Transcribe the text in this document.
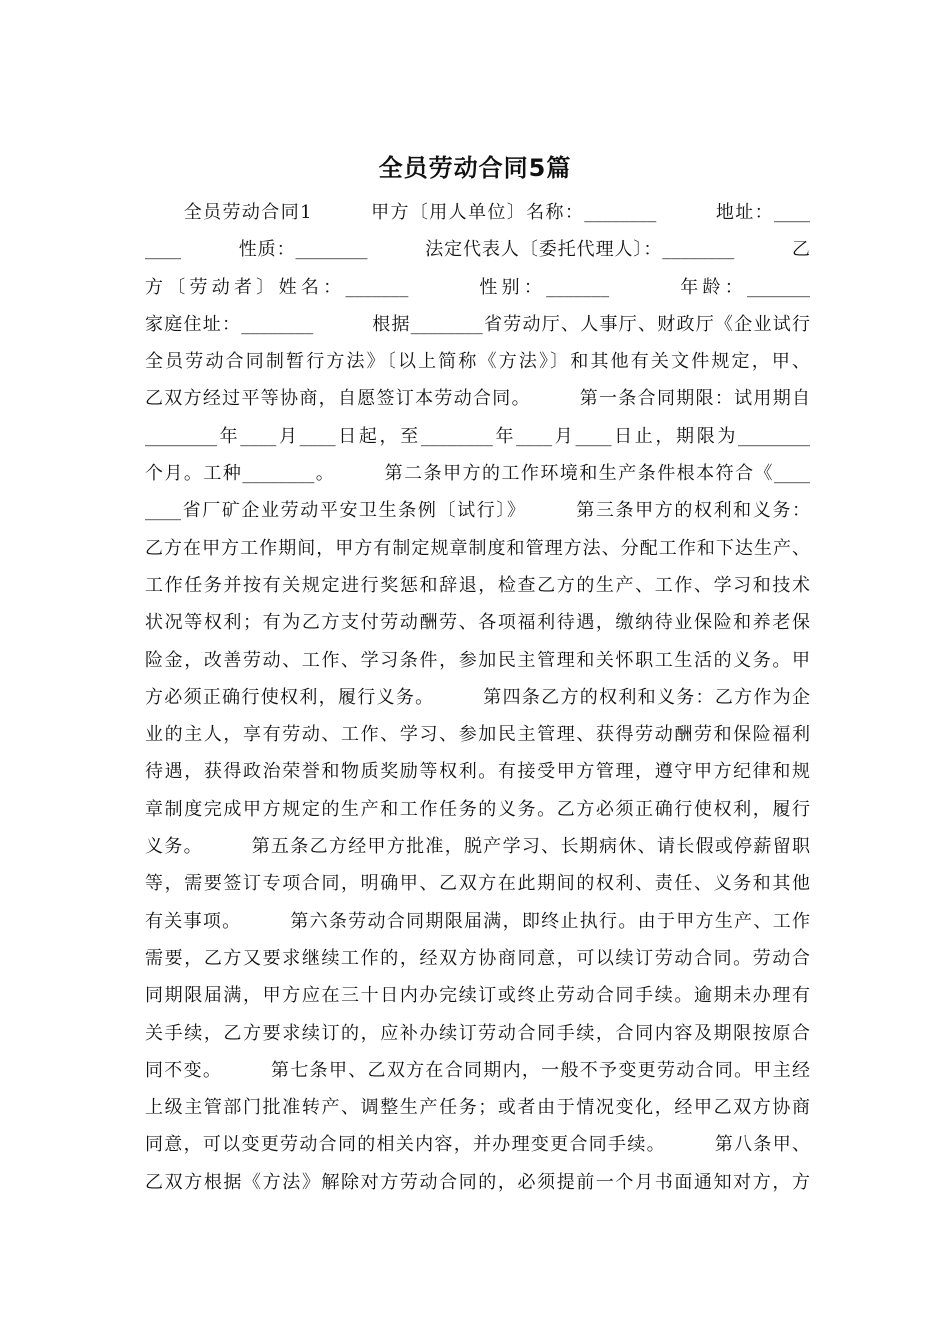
全员劳动合同5篇
　　全员劳动合同1　　　甲方〔用人单位〕名称：________　　　地址：____
____　　　性质：________　　　法定代表人〔委托代理人〕：________　　　乙
方〔劳动者〕姓名：_______　　　性别：_______　　　年龄：_______
家庭住址：________　　　根据________省劳动厅、人事厅、财政厅《企业试行
全员劳动合同制暂行方法》〔以上简称《方法》〕和其他有关文件规定，甲、
乙双方经过平等协商，自愿签订本劳动合同。　　　第一条合同期限：试用期自
________年____月____日起，至________年____月____日止，期限为________
个月。工种________。　　　第二条甲方的工作环境和生产条件根本符合《____
____省厂矿企业劳动平安卫生条例〔试行〕》　　　第三条甲方的权利和义务：
乙方在甲方工作期间，甲方有制定规章制度和管理方法、分配工作和下达生产、
工作任务并按有关规定进行奖惩和辞退，检查乙方的生产、工作、学习和技术
状况等权利；有为乙方支付劳动酬劳、各项福利待遇，缴纳待业保险和养老保
险金，改善劳动、工作、学习条件，参加民主管理和关怀职工生活的义务。甲
方必须正确行使权利，履行义务。　　　第四条乙方的权利和义务：乙方作为企
业的主人，享有劳动、工作、学习、参加民主管理、获得劳动酬劳和保险福利
待遇，获得政治荣誉和物质奖励等权利。有接受甲方管理，遵守甲方纪律和规
章制度完成甲方规定的生产和工作任务的义务。乙方必须正确行使权利，履行
义务。　　　第五条乙方经甲方批准，脱产学习、长期病休、请长假或停薪留职
等，需要签订专项合同，明确甲、乙双方在此期间的权利、责任、义务和其他
有关事项。　　　第六条劳动合同期限届满，即终止执行。由于甲方生产、工作
需要，乙方又要求继续工作的，经双方协商同意，可以续订劳动合同。劳动合
同期限届满，甲方应在三十日内办完续订或终止劳动合同手续。逾期未办理有
关手续，乙方要求续订的，应补办续订劳动合同手续，合同内容及期限按原合
同不变。　　　第七条甲、乙双方在合同期内，一般不予变更劳动合同。甲主经
上级主管部门批准转产、调整生产任务；或者由于情况变化，经甲乙双方协商
同意，可以变更劳动合同的相关内容，并办理变更合同手续。　　　第八条甲、
乙双方根据《方法》解除对方劳动合同的，必须提前一个月书面通知对方，方
